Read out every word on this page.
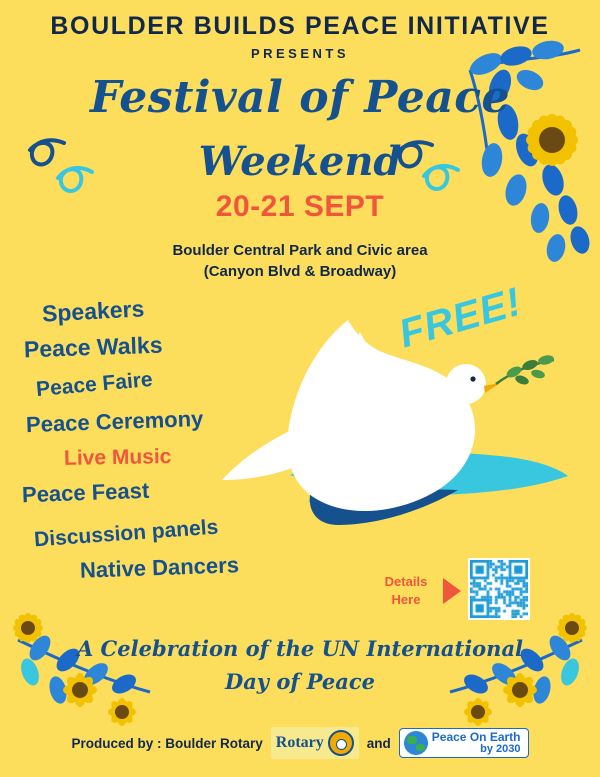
BOULDER BUILDS PEACE INITIATIVE
PRESENTS
Festival of Peace
Weekend
20-21 SEPT
Boulder Central Park and Civic area
(Canyon Blvd & Broadway)
Speakers
Peace Walks
Peace Faire
Peace Ceremony
Live Music
Peace Feast
Discussion panels
Native Dancers
FREE!
Details
Here
A Celebration of the UN International
Day of Peace
Produced by : Boulder Rotary Rotary	and	Peace On Earth
by 2030
